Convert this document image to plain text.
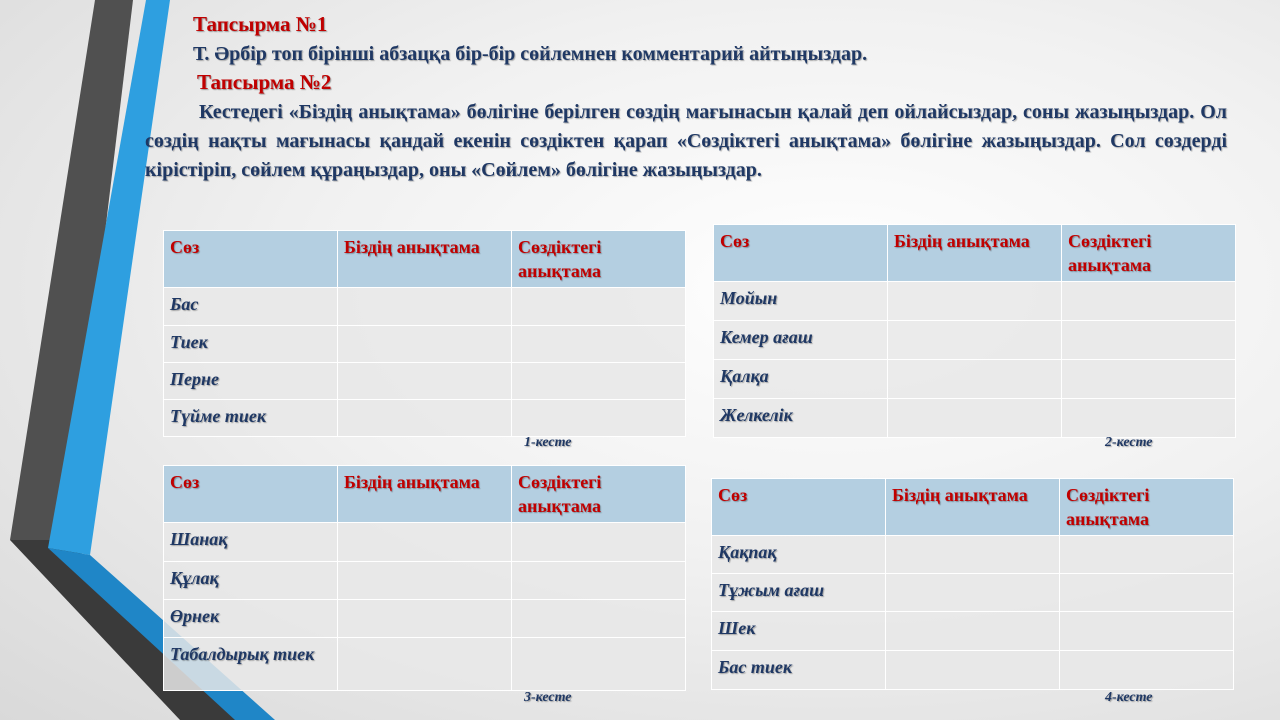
Тапсырма №1
Т. Әрбір топ бірінші абзацқа бір-бір сөйлемнен комментарий айтыңыздар.
Тапсырма №2
Кестедегі «Біздің анықтама» бөлігіне берілген сөздің мағынасын қалай деп ойлайсыздар, соны жазыңыздар. Ол сөздің нақты мағынасы қандай екенін сөздіктен қарап «Сөздіктегі анықтама» бөлігіне жазыңыздар. Сол сөздерді кірістіріп, сөйлем құраңыздар, оны «Сөйлем» бөлігіне жазыңыздар.
Сөз	Біздің анықтама	Сөздіктегі анықтама
Бас		
Тиек		
Перне		
Түйме тиек		
1-кесте
Сөз	Біздің анықтама	Сөздіктегі анықтама
Мойын		
Кемер ағаш		
Қалқа		
Желкелік		
2-кесте
Сөз	Біздің анықтама	Сөздіктегі анықтама
Шанақ		
Құлақ		
Өрнек		
Табалдырық тиек		
3-кесте
Сөз	Біздің анықтама	Сөздіктегі анықтама
Қақпақ		
Тұжым ағаш		
Шек		
Бас тиек		
4-кесте
